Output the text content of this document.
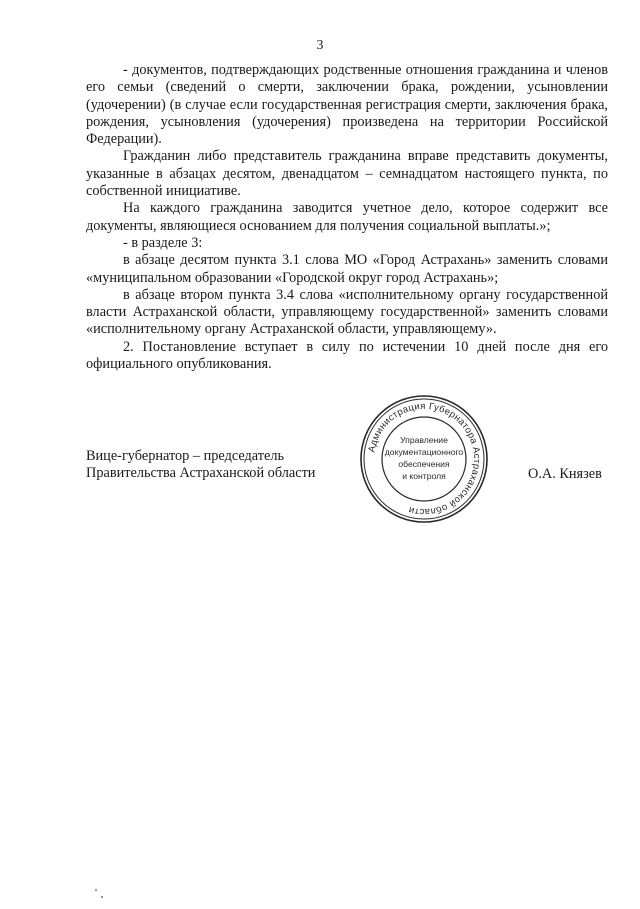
3

- документов, подтверждающих родственные отношения гражданина и членов его семьи (сведений о смерти, заключении брака, рождении, усыновлении (удочерении) (в случае если государственная регистрация смерти, заключения брака, рождения, усыновления (удочерения) произведена на территории Российской Федерации).

Гражданин либо представитель гражданина вправе представить документы, указанные в абзацах десятом, двенадцатом – семнадцатом настоящего пункта, по собственной инициативе.

На каждого гражданина заводится учетное дело, которое содержит все документы, являющиеся основанием для получения социальной выплаты.»;

- в разделе 3:

в абзаце десятом пункта 3.1 слова МО «Город Астрахань» заменить словами «муниципальном образовании «Городской округ город Астрахань»;

в абзаце втором пункта 3.4 слова «исполнительному органу государственной власти Астраханской области, управляющему государственной» заменить словами «исполнительному органу Астраханской области, управляющему».

2. Постановление вступает в силу по истечении 10 дней после дня его официального опубликования.

Вице-губернатор – председатель
Правительства Астраханской области
Администрация Губернатора Астраханской области
Управление
документационного
обеспечения
и контроля	О.А. Князев
